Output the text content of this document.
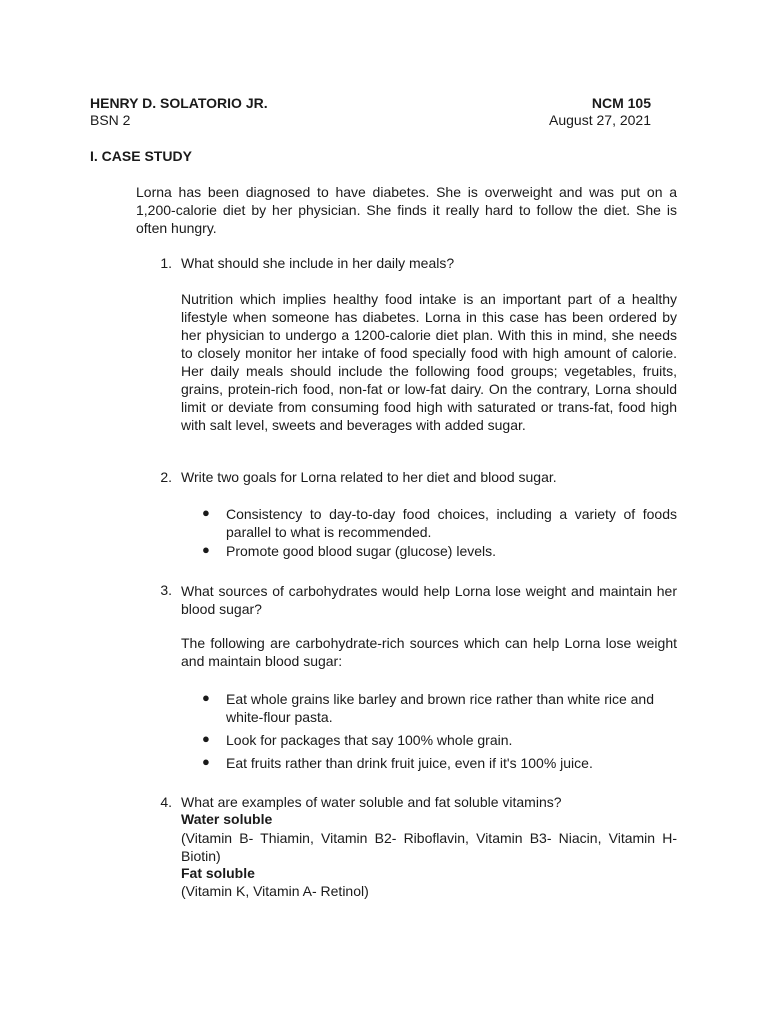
HENRY D. SOLATORIO JR.	NCM 105
BSN 2	August 27, 2021
I. CASE STUDY
Lorna has been diagnosed to have diabetes. She is overweight and was put on a 1,200-calorie diet by her physician. She finds it really hard to follow the diet. She is often hungry.
1. What should she include in her daily meals?
Nutrition which implies healthy food intake is an important part of a healthy lifestyle when someone has diabetes. Lorna in this case has been ordered by her physician to undergo a 1200-calorie diet plan. With this in mind, she needs to closely monitor her intake of food specially food with high amount of calorie. Her daily meals should include the following food groups; vegetables, fruits, grains, protein-rich food, non-fat or low-fat dairy. On the contrary, Lorna should limit or deviate from consuming food high with saturated or trans-fat, food high with salt level, sweets and beverages with added sugar.
2. Write two goals for Lorna related to her diet and blood sugar.
● Consistency to day-to-day food choices, including a variety of foods parallel to what is recommended.
● Promote good blood sugar (glucose) levels.
3. What sources of carbohydrates would help Lorna lose weight and maintain her blood sugar?
The following are carbohydrate-rich sources which can help Lorna lose weight and maintain blood sugar:
● Eat whole grains like barley and brown rice rather than white rice and white-flour pasta.
● Look for packages that say 100% whole grain.
● Eat fruits rather than drink fruit juice, even if it's 100% juice.
4. What are examples of water soluble and fat soluble vitamins?
Water soluble
(Vitamin B- Thiamin, Vitamin B2- Riboflavin, Vitamin B3- Niacin, Vitamin H- Biotin)
Fat soluble
(Vitamin K, Vitamin A- Retinol)
